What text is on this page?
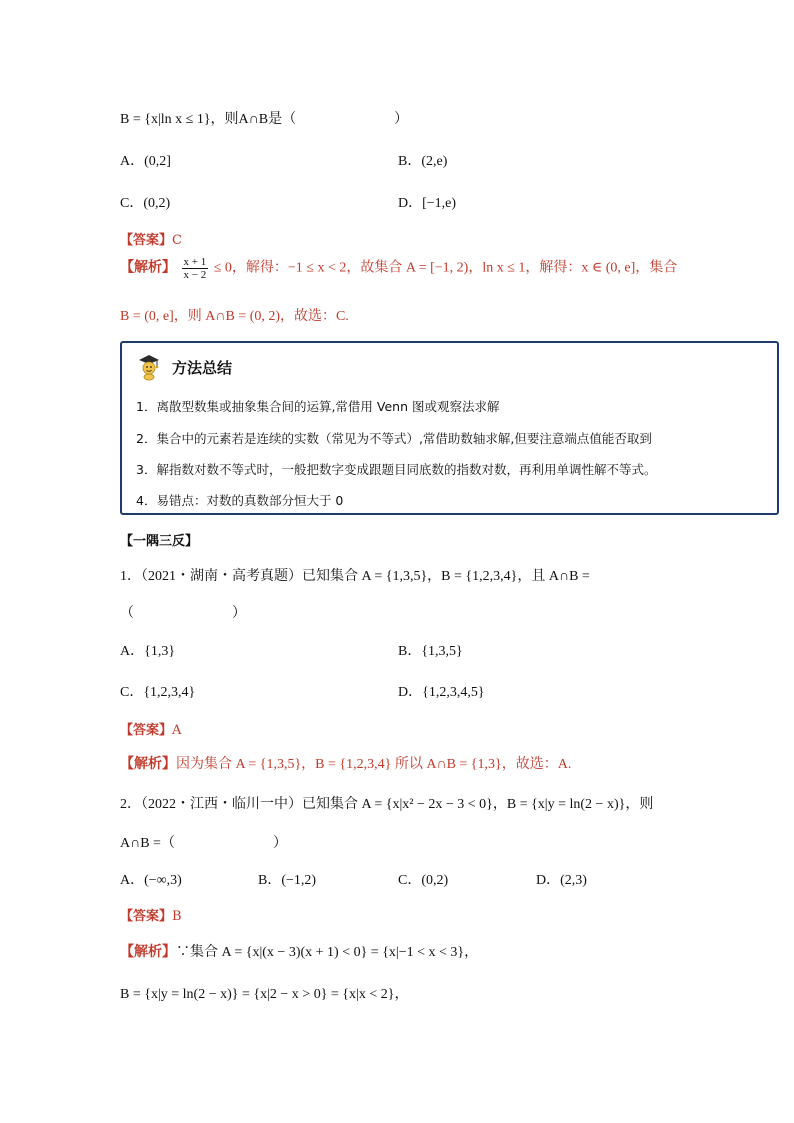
B = {x|ln x ≤ 1}，则A∩B是（　　　　　　　）
A．(0,2]	B．(2,e)
C．(0,2)	D．[−1,e)
【答案】C
【解析】 $\frac{x + 1}{x - 2} \le 0$，解得：−1 ≤ x < 2，故集合 A = [−1, 2)，ln x ≤ 1，解得：x ∈ (0, e]，集合
B = (0, e]，则 A∩B = (0, 2)，故选：C.
方法总结
1．离散型数集或抽象集合间的运算,常借用 Venn 图或观察法求解
2．集合中的元素若是连续的实数（常见为不等式）,常借助数轴求解,但要注意端点值能否取到
3．解指数对数不等式时，一般把数字变成跟题目同底数的指数对数，再利用单调性解不等式。
4．易错点：对数的真数部分恒大于 0
【一隅三反】
1．（2021・湖南・高考真题）已知集合 A = {1,3,5}，B = {1,2,3,4}，且 A∩B =
（　　　　　　　）
A．{1,3}	B．{1,3,5}
C．{1,2,3,4}	D．{1,2,3,4,5}
【答案】A
【解析】因为集合 A = {1,3,5}，B = {1,2,3,4} 所以 A∩B = {1,3}，故选：A.
2．（2022・江西・临川一中）已知集合 A = {x|x² − 2x − 3 < 0}，B = {x|y = ln(2 − x)}，则
A∩B =（　　　　　　　）
A．(−∞,3)	B．(−1,2)	C．(0,2)	D．(2,3)
【答案】B
【解析】∵集合 A = {x|(x − 3)(x + 1) < 0} = {x|−1 < x < 3}，
B = {x|y = ln(2 − x)} = {x|2 − x > 0} = {x|x < 2}，
